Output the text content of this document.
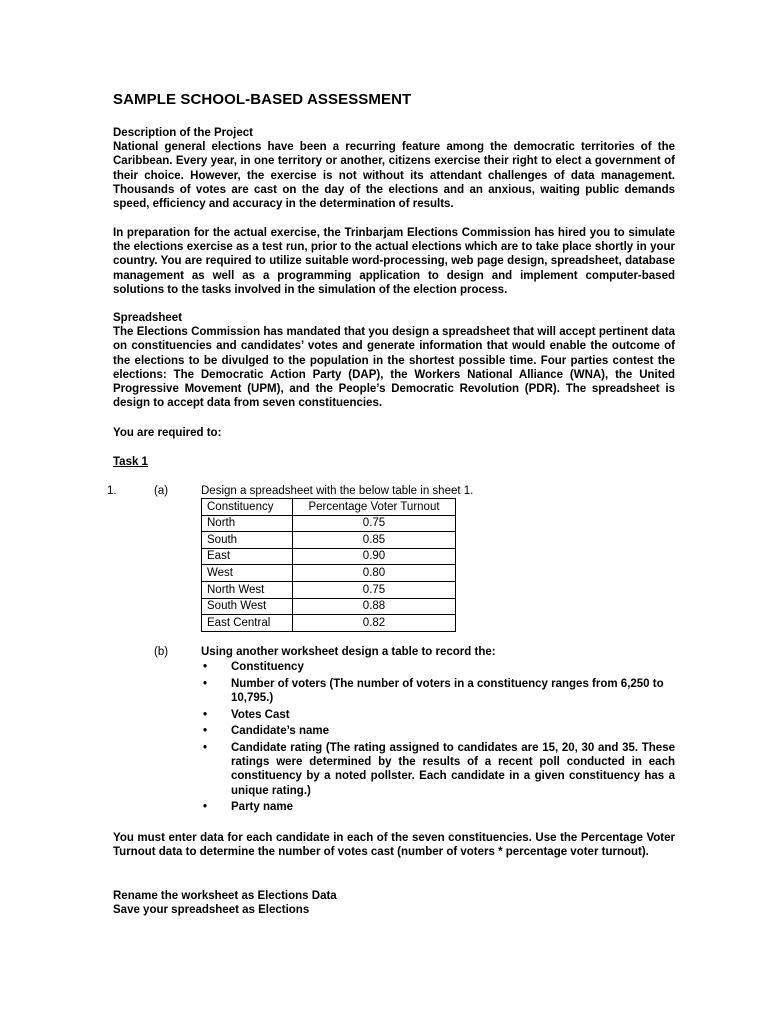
SAMPLE SCHOOL-BASED ASSESSMENT
Description of the Project

National general elections have been a recurring feature among the democratic territories of the Caribbean. Every year, in one territory or another, citizens exercise their right to elect a government of their choice. However, the exercise is not without its attendant challenges of data management. Thousands of votes are cast on the day of the elections and an anxious, waiting public demands speed, efficiency and accuracy in the determination of results.

In preparation for the actual exercise, the Trinbarjam Elections Commission has hired you to simulate the elections exercise as a test run, prior to the actual elections which are to take place shortly in your country. You are required to utilize suitable word-processing, web page design, spreadsheet, database management as well as a programming application to design and implement computer-based solutions to the tasks involved in the simulation of the election process.

Spreadsheet

The Elections Commission has mandated that you design a spreadsheet that will accept pertinent data on constituencies and candidates’ votes and generate information that would enable the outcome of the elections to be divulged to the population in the shortest possible time. Four parties contest the elections: The Democratic Action Party (DAP), the Workers National Alliance (WNA), the United Progressive Movement (UPM), and the People’s Democratic Revolution (PDR). The spreadsheet is design to accept data from seven constituencies.

You are required to:
Task 1
1.	(a)	Design a spreadsheet with the below table in sheet 1.
Constituency	Percentage Voter Turnout
North	0.75
South	0.85
East	0.90
West	0.80
North West	0.75
South West	0.88
East Central	0.82
(b)	Using another worksheet design a table to record the:
• Constituency
• Number of voters (The number of voters in a constituency ranges from 6,250 to 10,795.)
• Votes Cast
• Candidate’s name
• Candidate rating (The rating assigned to candidates are 15, 20, 30 and 35. These ratings were determined by the results of a recent poll conducted in each constituency by a noted pollster. Each candidate in a given constituency has a unique rating.)
• Party name
You must enter data for each candidate in each of the seven constituencies. Use the Percentage Voter Turnout data to determine the number of votes cast (number of voters * percentage voter turnout).
Rename the worksheet as Elections Data
Save your spreadsheet as Elections
